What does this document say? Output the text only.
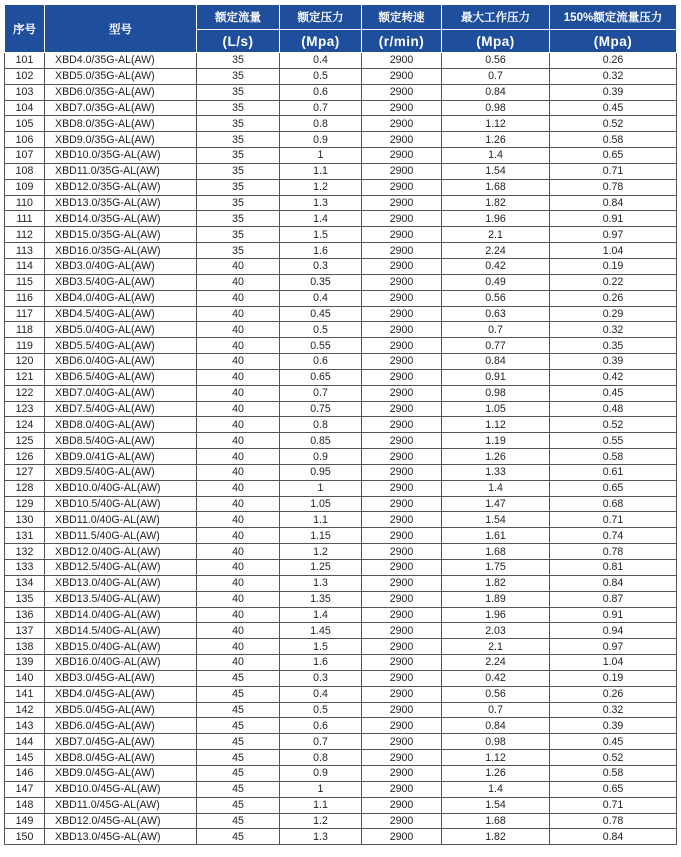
序号	型号	额定流量	额定压力	额定转速	最大工作压力	150%额定流量压力
		(L/s)	(Mpa)	(r/min)	(Mpa)	(Mpa)
101	XBD4.0/35G-AL(AW)	35	0.4	2900	0.56	0.26
102	XBD5.0/35G-AL(AW)	35	0.5	2900	0.7	0.32
103	XBD6.0/35G-AL(AW)	35	0.6	2900	0.84	0.39
104	XBD7.0/35G-AL(AW)	35	0.7	2900	0.98	0.45
105	XBD8.0/35G-AL(AW)	35	0.8	2900	1.12	0.52
106	XBD9.0/35G-AL(AW)	35	0.9	2900	1.26	0.58
107	XBD10.0/35G-AL(AW)	35	1	2900	1.4	0.65
108	XBD11.0/35G-AL(AW)	35	1.1	2900	1.54	0.71
109	XBD12.0/35G-AL(AW)	35	1.2	2900	1.68	0.78
110	XBD13.0/35G-AL(AW)	35	1.3	2900	1.82	0.84
111	XBD14.0/35G-AL(AW)	35	1.4	2900	1.96	0.91
112	XBD15.0/35G-AL(AW)	35	1.5	2900	2.1	0.97
113	XBD16.0/35G-AL(AW)	35	1.6	2900	2.24	1.04
114	XBD3.0/40G-AL(AW)	40	0.3	2900	0.42	0.19
115	XBD3.5/40G-AL(AW)	40	0.35	2900	0.49	0.22
116	XBD4.0/40G-AL(AW)	40	0.4	2900	0.56	0.26
117	XBD4.5/40G-AL(AW)	40	0.45	2900	0.63	0.29
118	XBD5.0/40G-AL(AW)	40	0.5	2900	0.7	0.32
119	XBD5.5/40G-AL(AW)	40	0.55	2900	0.77	0.35
120	XBD6.0/40G-AL(AW)	40	0.6	2900	0.84	0.39
121	XBD6.5/40G-AL(AW)	40	0.65	2900	0.91	0.42
122	XBD7.0/40G-AL(AW)	40	0.7	2900	0.98	0.45
123	XBD7.5/40G-AL(AW)	40	0.75	2900	1.05	0.48
124	XBD8.0/40G-AL(AW)	40	0.8	2900	1.12	0.52
125	XBD8.5/40G-AL(AW)	40	0.85	2900	1.19	0.55
126	XBD9.0/41G-AL(AW)	40	0.9	2900	1.26	0.58
127	XBD9.5/40G-AL(AW)	40	0.95	2900	1.33	0.61
128	XBD10.0/40G-AL(AW)	40	1	2900	1.4	0.65
129	XBD10.5/40G-AL(AW)	40	1.05	2900	1.47	0.68
130	XBD11.0/40G-AL(AW)	40	1.1	2900	1.54	0.71
131	XBD11.5/40G-AL(AW)	40	1.15	2900	1.61	0.74
132	XBD12.0/40G-AL(AW)	40	1.2	2900	1.68	0.78
133	XBD12.5/40G-AL(AW)	40	1.25	2900	1.75	0.81
134	XBD13.0/40G-AL(AW)	40	1.3	2900	1.82	0.84
135	XBD13.5/40G-AL(AW)	40	1.35	2900	1.89	0.87
136	XBD14.0/40G-AL(AW)	40	1.4	2900	1.96	0.91
137	XBD14.5/40G-AL(AW)	40	1.45	2900	2.03	0.94
138	XBD15.0/40G-AL(AW)	40	1.5	2900	2.1	0.97
139	XBD16.0/40G-AL(AW)	40	1.6	2900	2.24	1.04
140	XBD3.0/45G-AL(AW)	45	0.3	2900	0.42	0.19
141	XBD4.0/45G-AL(AW)	45	0.4	2900	0.56	0.26
142	XBD5.0/45G-AL(AW)	45	0.5	2900	0.7	0.32
143	XBD6.0/45G-AL(AW)	45	0.6	2900	0.84	0.39
144	XBD7.0/45G-AL(AW)	45	0.7	2900	0.98	0.45
145	XBD8.0/45G-AL(AW)	45	0.8	2900	1.12	0.52
146	XBD9.0/45G-AL(AW)	45	0.9	2900	1.26	0.58
147	XBD10.0/45G-AL(AW)	45	1	2900	1.4	0.65
148	XBD11.0/45G-AL(AW)	45	1.1	2900	1.54	0.71
149	XBD12.0/45G-AL(AW)	45	1.2	2900	1.68	0.78
150	XBD13.0/45G-AL(AW)	45	1.3	2900	1.82	0.84
